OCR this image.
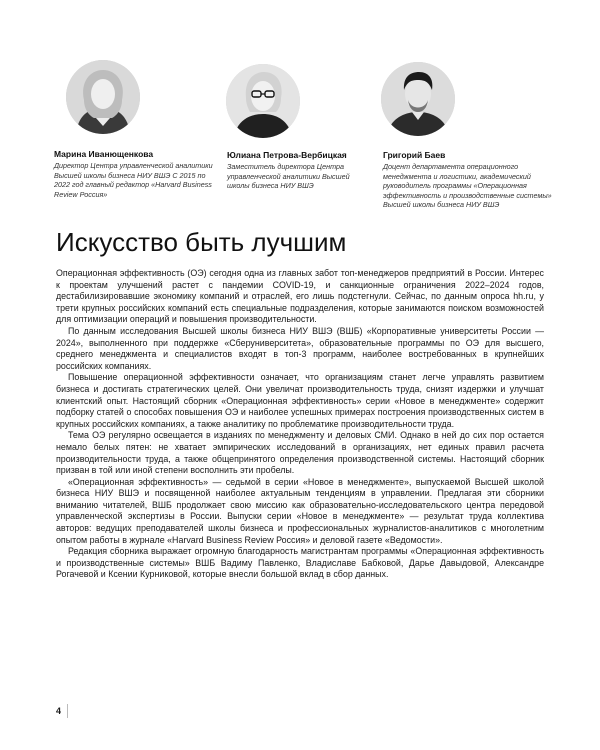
Марина Иванющенкова
Директор Центра управленческой аналитики Высшей школы бизнеса НИУ ВШЭ С 2015 по 2022 год главный редактор «Harvard Business Review Россия»
Юлиана Петрова-Вербицкая
Заместитель директора Центра управленческой аналитики Высшей школы бизнеса НИУ ВШЭ
Григорий Баев
Доцент департамента операционного менеджмента и логистики, академический руководитель программы «Операционная эффективность и производственные системы» Высшей школы бизнеса НИУ ВШЭ
Искусство быть лучшим

Операционная эффективность (ОЭ) сегодня одна из главных забот топ-менеджеров предприятий в России. Интерес к проектам улучшений растет с пандемии COVID-19, и санкционные ограничения 2022–2024 годов, дестабилизировавшие экономику компаний и отраслей, его лишь подстегнули. Сейчас, по данным опроса hh.ru, у трети крупных российских компаний есть специальные подразделения, которые занимаются поиском возможностей для оптимизации операций и повышения производительности.

По данным исследования Высшей школы бизнеса НИУ ВШЭ (ВШБ) «Корпоративные университеты России — 2024», выполненного при поддержке «Сберуниверситета», образовательные программы по ОЭ для высшего, среднего менеджмента и специалистов входят в топ-3 программ, наиболее востребованных в крупнейших российских компаниях.

Повышение операционной эффективности означает, что организациям станет легче управлять развитием бизнеса и достигать стратегических целей. Они увеличат производительность труда, снизят издержки и улучшат клиентский опыт. Настоящий сборник «Операционная эффективность» серии «Новое в менеджменте» содержит подборку статей о способах повышения ОЭ и наиболее успешных примерах построения производственных систем в крупных российских компаниях, а также аналитику по проблематике производительности труда.

Тема ОЭ регулярно освещается в изданиях по менеджменту и деловых СМИ. Однако в ней до сих пор остается немало белых пятен: не хватает эмпирических исследований в организациях, нет единых правил расчета производительности труда, а также общепринятого определения производственной системы. Настоящий сборник призван в той или иной степени восполнить эти пробелы.

«Операционная эффективность» — седьмой в серии «Новое в менеджменте», выпускаемой Высшей школой бизнеса НИУ ВШЭ и посвященной наиболее актуальным тенденциям в управлении. Предлагая эти сборники вниманию читателей, ВШБ продолжает свою миссию как образовательно-исследовательского центра передовой управленческой экспертизы в России. Выпуски серии «Новое в менеджменте» — результат труда коллектива авторов: ведущих преподавателей школы бизнеса и профессиональных журналистов-аналитиков с многолетним опытом работы в журнале «Harvard Business Review Россия» и деловой газете «Ведомости».

Редакция сборника выражает огромную благодарность магистрантам программы «Операционная эффективность и производственные системы» ВШБ Вадиму Павленко, Владиславе Бабковой, Дарье Давыдовой, Александре Рогачевой и Ксении Курниковой, которые внесли большой вклад в сбор данных.

4
